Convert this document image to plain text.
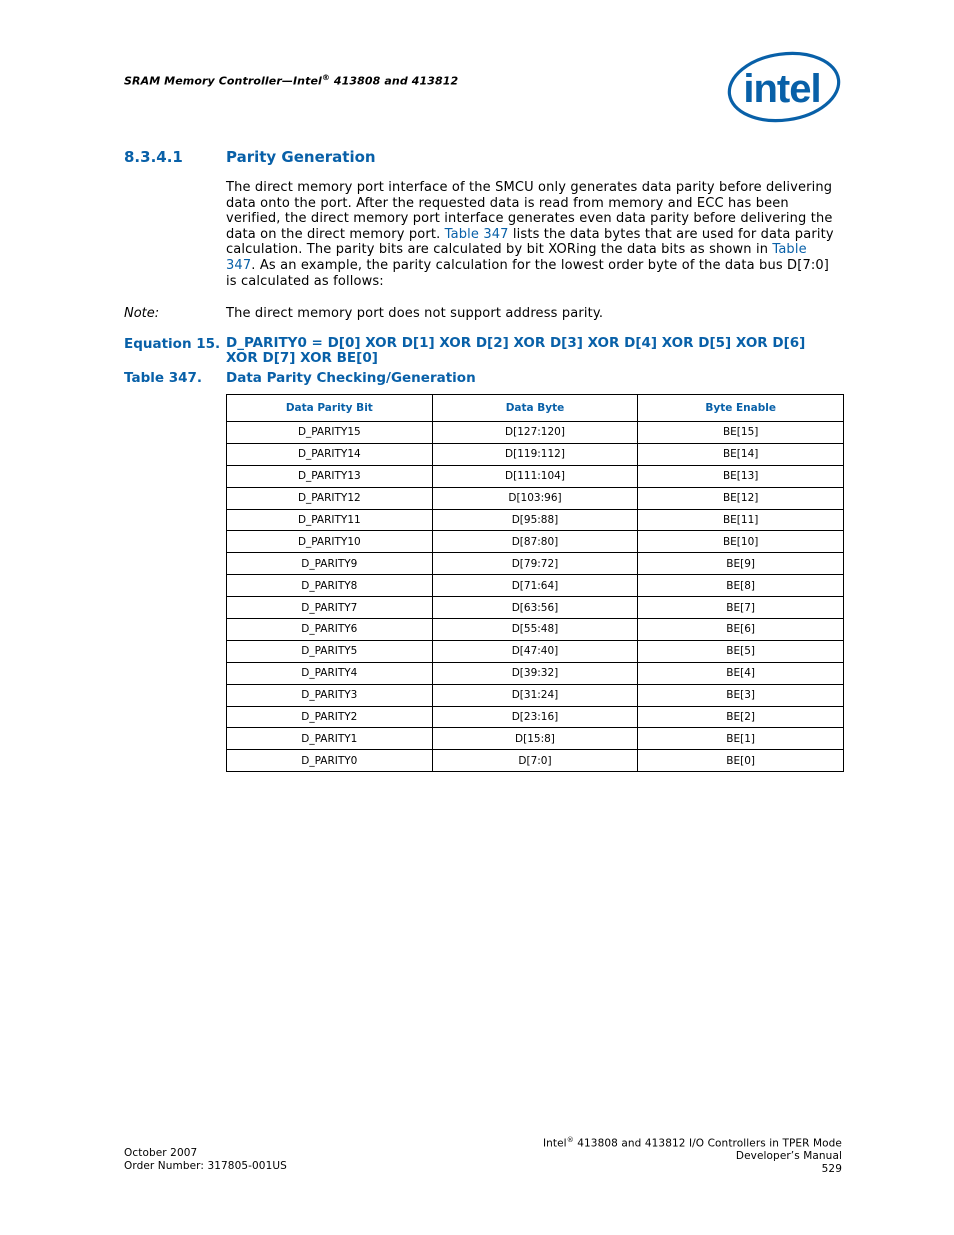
SRAM Memory Controller—Intel® 413808 and 413812	intel
8.3.4.1	Parity Generation
The direct memory port interface of the SMCU only generates data parity before delivering data onto the port. After the requested data is read from memory and ECC has been verified, the direct memory port interface generates even data parity before delivering the data on the direct memory port. Table 347 lists the data bytes that are used for data parity calculation. The parity bits are calculated by bit XORing the data bits as shown in Table 347. As an example, the parity calculation for the lowest order byte of the data bus D[7:0] is calculated as follows:
Note:	The direct memory port does not support address parity.
Equation 15. D_PARITY0 = D[0] XOR D[1] XOR D[2] XOR D[3] XOR D[4] XOR D[5] XOR D[6] XOR D[7] XOR BE[0]
Table 347. Data Parity Checking/Generation
Data Parity Bit	Data Byte	Byte Enable
D_PARITY15	D[127:120]	BE[15]
D_PARITY14	D[119:112]	BE[14]
D_PARITY13	D[111:104]	BE[13]
D_PARITY12	D[103:96]	BE[12]
D_PARITY11	D[95:88]	BE[11]
D_PARITY10	D[87:80]	BE[10]
D_PARITY9	D[79:72]	BE[9]
D_PARITY8	D[71:64]	BE[8]
D_PARITY7	D[63:56]	BE[7]
D_PARITY6	D[55:48]	BE[6]
D_PARITY5	D[47:40]	BE[5]
D_PARITY4	D[39:32]	BE[4]
D_PARITY3	D[31:24]	BE[3]
D_PARITY2	D[23:16]	BE[2]
D_PARITY1	D[15:8]	BE[1]
D_PARITY0	D[7:0]	BE[0]
October 2007
Order Number: 317805-001US
Intel® 413808 and 413812 I/O Controllers in TPER Mode
Developer’s Manual
529
